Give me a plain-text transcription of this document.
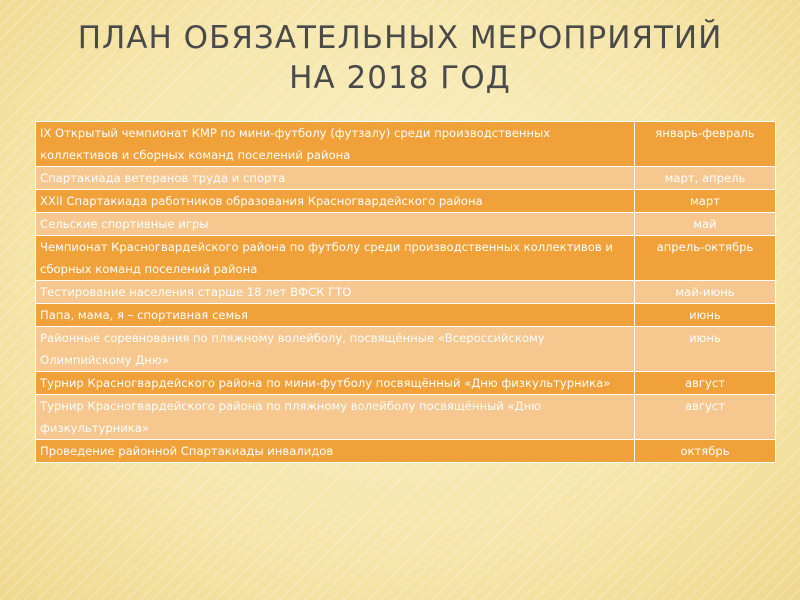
ПЛАН ОБЯЗАТЕЛЬНЫХ МЕРОПРИЯТИЙ
НА 2018 ГОД
IX Открытый чемпионат КМР по мини-футболу (футзалу) среди производственных коллективов и сборных команд поселений района	январь-февраль
Спартакиада ветеранов труда и спорта	март, апрель
XXII Спартакиада работников образования Красногвардейского района	март
Сельские спортивные игры	май
Чемпионат Красногвардейского района по футболу среди производственных коллективов и сборных команд поселений района	апрель-октябрь
Тестирование населения старше 18 лет ВФСК ГТО	май-июнь
Папа, мама, я – спортивная семья	июнь
Районные соревнования по пляжному волейболу, посвящённые «Всероссийскому Олимпийскому Дню»	июнь
Турнир Красногвардейского района по мини-футболу посвящённый «Дню физкультурника»	август
Турнир Красногвардейского района по пляжному волейболу посвящённый «Дню физкультурника»	август
Проведение районной Спартакиады инвалидов	октябрь
